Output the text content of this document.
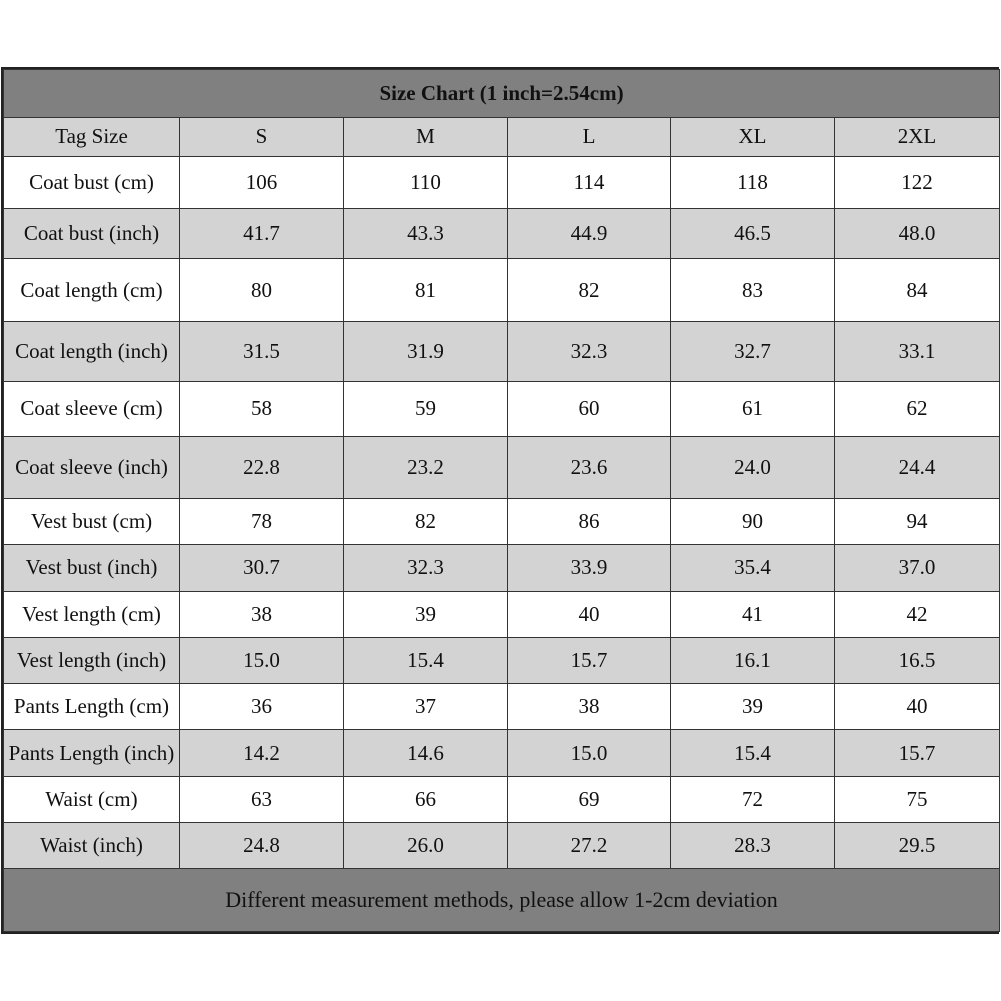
Size Chart (1 inch=2.54cm)					
Tag Size	S	M	L	XL	2XL
Coat bust (cm)	106	110	114	118	122
Coat bust (inch)	41.7	43.3	44.9	46.5	48.0
Coat length (cm)	80	81	82	83	84
Coat length (inch)	31.5	31.9	32.3	32.7	33.1
Coat sleeve (cm)	58	59	60	61	62
Coat sleeve (inch)	22.8	23.2	23.6	24.0	24.4
Vest bust (cm)	78	82	86	90	94
Vest bust (inch)	30.7	32.3	33.9	35.4	37.0
Vest length (cm)	38	39	40	41	42
Vest length (inch)	15.0	15.4	15.7	16.1	16.5
Pants Length (cm)	36	37	38	39	40
Pants Length (inch)	14.2	14.6	15.0	15.4	15.7
Waist (cm)	63	66	69	72	75
Waist (inch)	24.8	26.0	27.2	28.3	29.5
Different measurement methods, please allow 1-2cm deviation					
